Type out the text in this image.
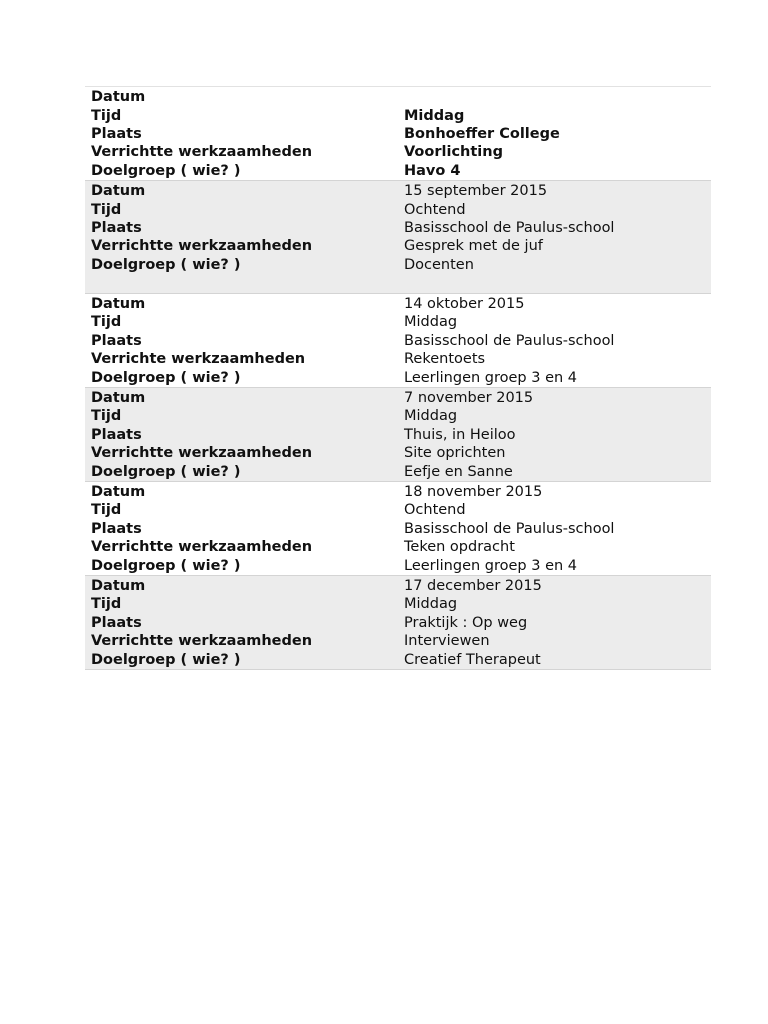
Datum
Tijd	Middag
Plaats	Bonhoeffer College
Verrichtte werkzaamheden	Voorlichting
Doelgroep ( wie? )	Havo 4
Datum	15 september 2015
Tijd	Ochtend
Plaats	Basisschool de Paulus-school
Verrichtte werkzaamheden	Gesprek met de juf
Doelgroep ( wie? )	Docenten
Datum	14 oktober 2015
Tijd	Middag
Plaats	Basisschool de Paulus-school
Verrichte werkzaamheden	Rekentoets
Doelgroep ( wie? )	Leerlingen groep 3 en 4
Datum	7 november 2015
Tijd	Middag
Plaats	Thuis, in Heiloo
Verrichtte werkzaamheden	Site oprichten
Doelgroep ( wie? )	Eefje en Sanne
Datum	18 november 2015
Tijd	Ochtend
Plaats	Basisschool de Paulus-school
Verrichtte werkzaamheden	Teken opdracht
Doelgroep ( wie? )	Leerlingen groep 3 en 4
Datum	17 december 2015
Tijd	Middag
Plaats	Praktijk : Op weg
Verrichtte werkzaamheden	Interviewen
Doelgroep ( wie? )	Creatief Therapeut
